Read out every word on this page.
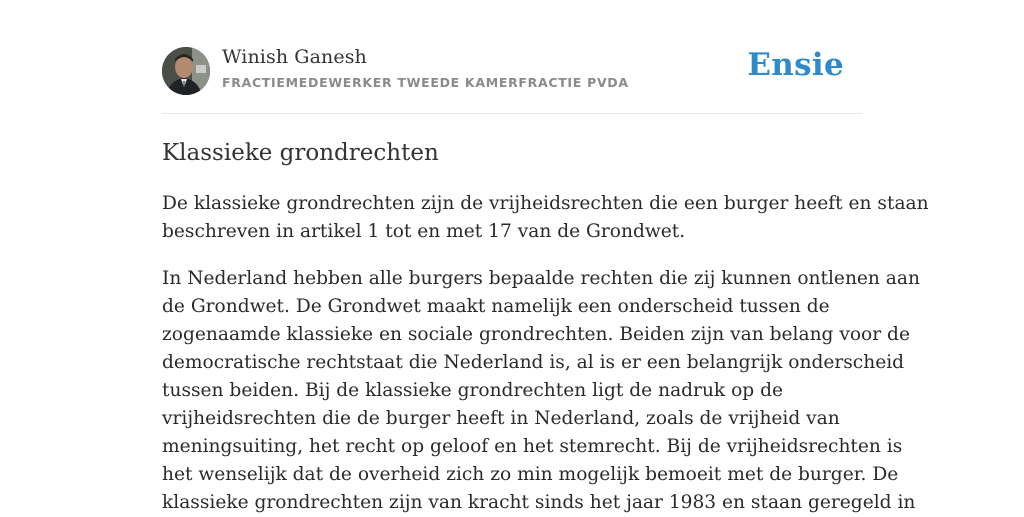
Winish Ganesh
FRACTIEMEDEWERKER TWEEDE KAMERFRACTIE PVDA	Ensie
Klassieke grondrechten

De klassieke grondrechten zijn de vrijheidsrechten die een burger heeft en staan
beschreven in artikel 1 tot en met 17 van de Grondwet.

In Nederland hebben alle burgers bepaalde rechten die zij kunnen ontlenen aan
de Grondwet. De Grondwet maakt namelijk een onderscheid tussen de
zogenaamde klassieke en sociale grondrechten. Beiden zijn van belang voor de
democratische rechtstaat die Nederland is, al is er een belangrijk onderscheid
tussen beiden. Bij de klassieke grondrechten ligt de nadruk op de
vrijheidsrechten die de burger heeft in Nederland, zoals de vrijheid van
meningsuiting, het recht op geloof en het stemrecht. Bij de vrijheidsrechten is
het wenselijk dat de overheid zich zo min mogelijk bemoeit met de burger. De
klassieke grondrechten zijn van kracht sinds het jaar 1983 en staan geregeld in
